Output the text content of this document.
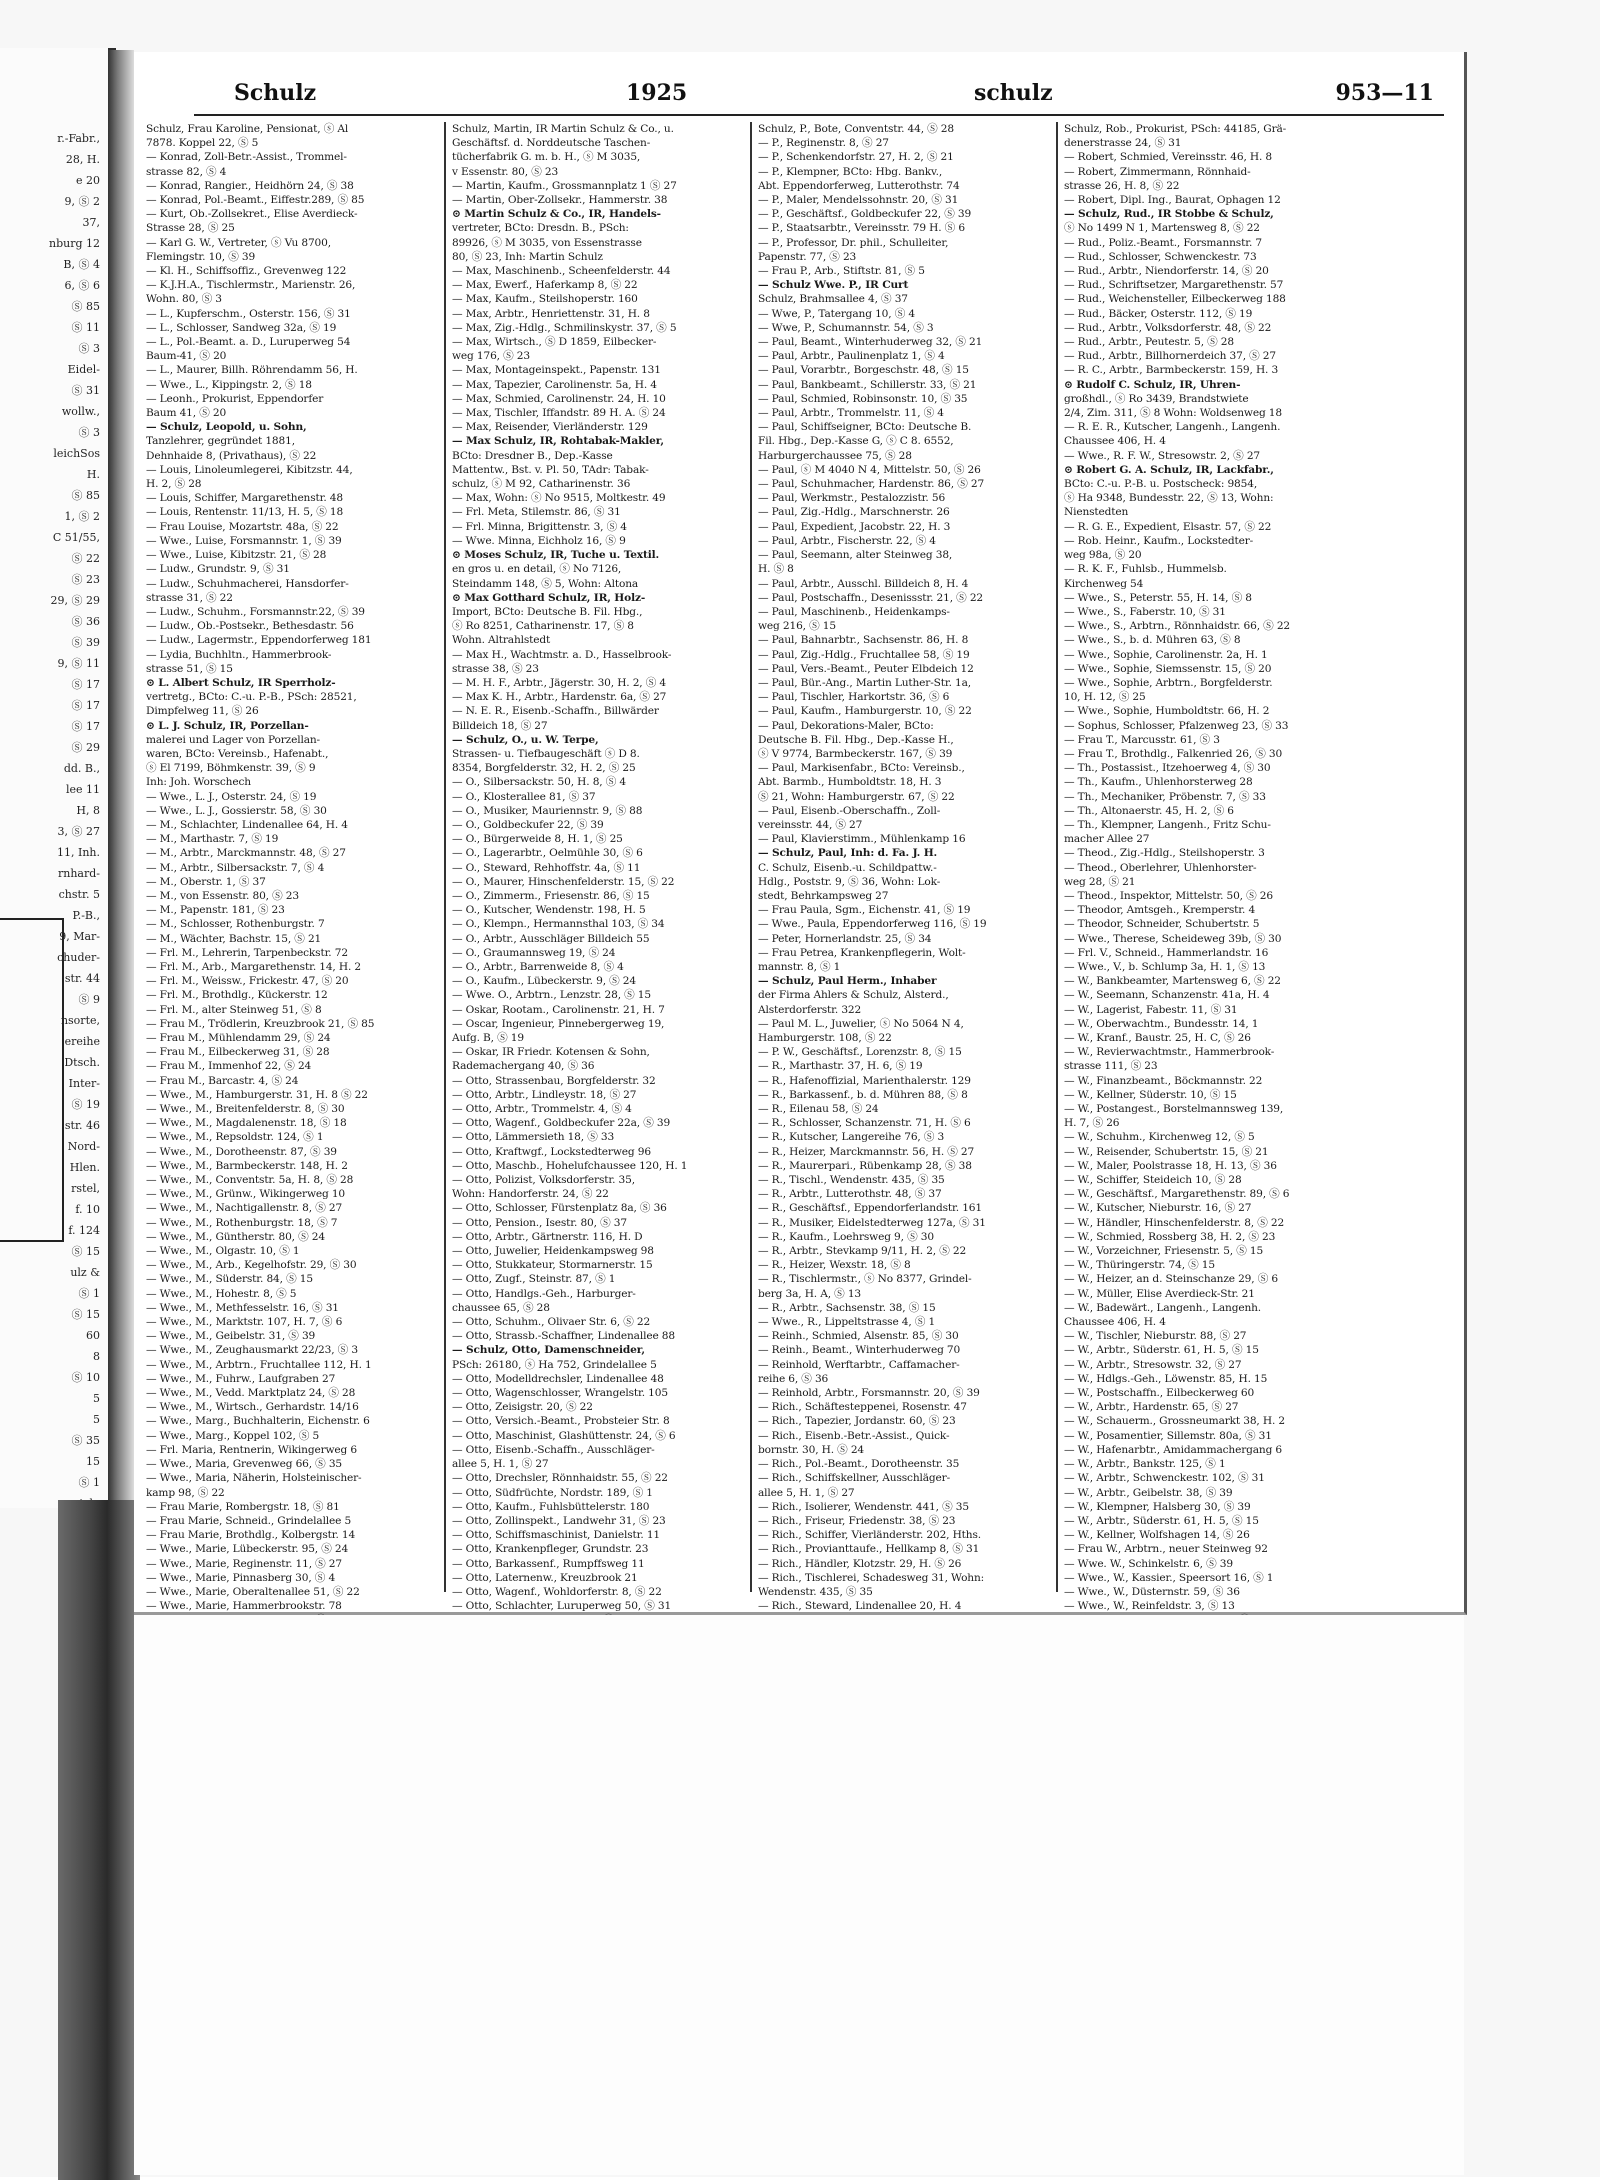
r.-Fabr.,
28, H.
e 20
9, Ⓢ 2
37,
nburg 12
B, Ⓢ 4
6, Ⓢ 6
Ⓢ 85
Ⓢ 11
Ⓢ 3
Eidel-
Ⓢ 31
wollw.,
Ⓢ 3
leichSos
H.
Ⓢ 85
1, Ⓢ 2
C 51/55,
Ⓢ 22
Ⓢ 23
29, Ⓢ 29
Ⓢ 36
Ⓢ 39
9, Ⓢ 11
Ⓢ 17
Ⓢ 17
Ⓢ 17
Ⓢ 29
dd. B.,
lee 11
H, 8
3, Ⓢ 27
11, Inh.
rnhard-
chstr. 5
P.-B.,
9, Mar-
chuder-
str. 44
Ⓢ 9
nsorte,
ereihe
Dtsch.
Inter-
Ⓢ 19
str. 46
Nord-
Hlen.
rstel,
f. 10
f. 124
Ⓢ 15
ulz &
Ⓢ 1
Ⓢ 15
60
8
Ⓢ 10
5
5
Ⓢ 35
15
Ⓢ 1
Schulz	1925	schulz	953—11
Schulz, Frau Karoline, Pensionat, ⓢ Al
7878. Koppel 22, Ⓢ 5
— Konrad, Zoll-Betr.-Assist., Trommel-
strasse 82, Ⓢ 4
— Konrad, Rangier., Heidhörn 24, Ⓢ 38
— Konrad, Pol.-Beamt., Eiffestr.289, Ⓢ 85
— Kurt, Ob.-Zollsekret., Elise Averdieck-
Strasse 28, Ⓢ 25
— Karl G. W., Vertreter, ⓢ Vu 8700,
Flemingstr. 10, Ⓢ 39
— Kl. H., Schiffsoffiz., Grevenweg 122
— K.J.H.A., Tischlermstr., Marienstr. 26,
Wohn. 80, Ⓢ 3
— L., Kupferschm., Osterstr. 156, Ⓢ 31
— L., Schlosser, Sandweg 32a, Ⓢ 19
— L., Pol.-Beamt. a. D., Luruperweg 54
Baum-41, Ⓢ 20
— L., Maurer, Billh. Röhrendamm 56, H.
— Wwe., L., Kippingstr. 2, Ⓢ 18
— Leonh., Prokurist, Eppendorfer
Baum 41, Ⓢ 20
— Schulz, Leopold, u. Sohn,
Tanzlehrer, gegründet 1881,
Dehnhaide 8, (Privathaus), Ⓢ 22
— Louis, Linoleumlegerei, Kibitzstr. 44,
H. 2, Ⓢ 28
— Louis, Schiffer, Margarethenstr. 48
— Louis, Rentenstr. 11/13, H. 5, Ⓢ 18
— Frau Louise, Mozartstr. 48a, Ⓢ 22
— Wwe., Luise, Forsmannstr. 1, Ⓢ 39
— Wwe., Luise, Kibitzstr. 21, Ⓢ 28
— Ludw., Grundstr. 9, Ⓢ 31
— Ludw., Schuhmacherei, Hansdorfer-
strasse 31, Ⓢ 22
— Ludw., Schuhm., Forsmannstr.22, Ⓢ 39
— Ludw., Ob.-Postsekr., Bethesdastr. 56
— Ludw., Lagermstr., Eppendorferweg 181
— Lydia, Buchhltn., Hammerbrook-
strasse 51, Ⓢ 15
⊙ L. Albert Schulz, IR Sperrholz-
vertretg., BCto: C.-u. P.-B., PSch: 28521,
Dimpfelweg 11, Ⓢ 26
⊙ L. J. Schulz, IR, Porzellan-
malerei und Lager von Porzellan-
waren, BCto: Vereinsb., Hafenabt.,
ⓢ El 7199, Böhmkenstr. 39, Ⓢ 9
Inh: Joh. Worschech
— Wwe., L. J., Osterstr. 24, Ⓢ 19
— Wwe., L. J., Gossierstr. 58, Ⓢ 30
— M., Schlachter, Lindenallee 64, H. 4
— M., Marthastr. 7, Ⓢ 19
— M., Arbtr., Marckmannstr. 48, Ⓢ 27
— M., Arbtr., Silbersackstr. 7, Ⓢ 4
— M., Oberstr. 1, Ⓢ 37
— M., von Essenstr. 80, Ⓢ 23
— M., Papenstr. 181, Ⓢ 23
— M., Schlosser, Rothenburgstr. 7
— M., Wächter, Bachstr. 15, Ⓢ 21
— Frl. M., Lehrerin, Tarpenbeckstr. 72
— Frl. M., Arb., Margarethenstr. 14, H. 2
— Frl. M., Weissw., Frickestr. 47, Ⓢ 20
— Frl. M., Brothdlg., Kückerstr. 12
— Frl. M., alter Steinweg 51, Ⓢ 8
— Frau M., Trödlerin, Kreuzbrook 21, Ⓢ 85
— Frau M., Mühlendamm 29, Ⓢ 24
— Frau M., Eilbeckerweg 31, Ⓢ 28
— Frau M., Immenhof 22, Ⓢ 24
— Frau M., Barcastr. 4, Ⓢ 24
— Wwe., M., Hamburgerstr. 31, H. 8 Ⓢ 22
— Wwe., M., Breitenfelderstr. 8, Ⓢ 30
— Wwe., M., Magdalenenstr. 18, Ⓢ 18
— Wwe., M., Repsoldstr. 124, Ⓢ 1
— Wwe., M., Dorotheenstr. 87, Ⓢ 39
— Wwe., M., Barmbeckerstr. 148, H. 2
— Wwe., M., Conventstr. 5a, H. 8, Ⓢ 28
— Wwe., M., Grünw., Wikingerweg 10
— Wwe., M., Nachtigallenstr. 8, Ⓢ 27
— Wwe., M., Rothenburgstr. 18, Ⓢ 7
— Wwe., M., Güntherstr. 80, Ⓢ 24
— Wwe., M., Olgastr. 10, Ⓢ 1
— Wwe., M., Arb., Kegelhofstr. 29, Ⓢ 30
— Wwe., M., Süderstr. 84, Ⓢ 15
— Wwe., M., Hohestr. 8, Ⓢ 5
— Wwe., M., Methfesselstr. 16, Ⓢ 31
— Wwe., M., Marktstr. 107, H. 7, Ⓢ 6
— Wwe., M., Geibelstr. 31, Ⓢ 39
— Wwe., M., Zeughausmarkt 22/23, Ⓢ 3
— Wwe., M., Arbtrn., Fruchtallee 112, H. 1
— Wwe., M., Fuhrw., Laufgraben 27
— Wwe., M., Vedd. Marktplatz 24, Ⓢ 28
— Wwe., M., Wirtsch., Gerhardstr. 14/16
— Wwe., Marg., Buchhalterin, Eichenstr. 6
— Wwe., Marg., Koppel 102, Ⓢ 5
— Frl. Maria, Rentnerin, Wikingerweg 6
— Wwe., Maria, Grevenweg 66, Ⓢ 35
— Wwe., Maria, Näherin, Holsteinischer-
kamp 98, Ⓢ 22
— Frau Marie, Rombergstr. 18, Ⓢ 81
— Frau Marie, Schneid., Grindelallee 5
— Frau Marie, Brothdlg., Kolbergstr. 14
— Wwe., Marie, Lübeckerstr. 95, Ⓢ 24
— Wwe., Marie, Reginenstr. 11, Ⓢ 27
— Wwe., Marie, Pinnasberg 30, Ⓢ 4
— Wwe., Marie, Oberaltenallee 51, Ⓢ 22
— Wwe., Marie, Hammerbrookstr. 78
Schulz, Martin, IR Martin Schulz & Co., u.
Geschäftsf. d. Norddeutsche Taschen-
tücherfabrik G. m. b. H., ⓢ M 3035,
v Essenstr. 80, Ⓢ 23
— Martin, Kaufm., Grossmannplatz 1 Ⓢ 27
— Martin, Ober-Zollsekr., Hammerstr. 38
⊙ Martin Schulz & Co., IR, Handels-
vertreter, BCto: Dresdn. B., PSch:
89926, ⓢ M 3035, von Essenstrasse
80, Ⓢ 23, Inh: Martin Schulz
— Max, Maschinenb., Scheenfelderstr. 44
— Max, Ewerf., Haferkamp 8, Ⓢ 22
— Max, Kaufm., Steilshoperstr. 160
— Max, Arbtr., Henriettenstr. 31, H. 8
— Max, Zig.-Hdlg., Schmilinskystr. 37, Ⓢ 5
— Max, Wirtsch., Ⓢ D 1859, Eilbecker-
weg 176, Ⓢ 23
— Max, Montageinspekt., Papenstr. 131
— Max, Tapezier, Carolinenstr. 5a, H. 4
— Max, Schmied, Carolinenstr. 24, H. 10
— Max, Tischler, Iffandstr. 89 H. A. Ⓢ 24
— Max, Reisender, Vierländerstr. 129
— Max Schulz, IR, Rohtabak-Makler,
BCto: Dresdner B., Dep.-Kasse
Mattentw., Bst. v. Pl. 50, TAdr: Tabak-
schulz, ⓢ M 92, Catharinenstr. 36
— Max, Wohn: ⓢ No 9515, Moltkestr. 49
— Frl. Meta, Stilemstr. 86, Ⓢ 31
— Frl. Minna, Brigittenstr. 3, Ⓢ 4
— Wwe. Minna, Eichholz 16, Ⓢ 9
⊙ Moses Schulz, IR, Tuche u. Textil.
en gros u. en detail, ⓢ No 7126,
Steindamm 148, Ⓢ 5, Wohn: Altona
⊙ Max Gotthard Schulz, IR, Holz-
Import, BCto: Deutsche B. Fil. Hbg.,
ⓢ Ro 8251, Catharinenstr. 17, Ⓢ 8
Wohn. Altrahlstedt
— Max H., Wachtmstr. a. D., Hasselbrook-
strasse 38, Ⓢ 23
— M. H. F., Arbtr., Jägerstr. 30, H. 2, Ⓢ 4
— Max K. H., Arbtr., Hardenstr. 6a, Ⓢ 27
— N. E. R., Eisenb.-Schaffn., Billwärder
Billdeich 18, Ⓢ 27
— Schulz, O., u. W. Terpe,
Strassen- u. Tiefbaugeschäft ⓢ D 8.
8354, Borgfelderstr. 32, H. 2, Ⓢ 25
— O., Silbersackstr. 50, H. 8, Ⓢ 4
— O., Klosterallee 81, Ⓢ 37
— O., Musiker, Mauriennstr. 9, Ⓢ 88
— O., Goldbeckufer 22, Ⓢ 39
— O., Bürgerweide 8, H. 1, Ⓢ 25
— O., Lagerarbtr., Oelmühle 30, Ⓢ 6
— O., Steward, Rehhoffstr. 4a, Ⓢ 11
— O., Maurer, Hinschenfelderstr. 15, Ⓢ 22
— O., Zimmerm., Friesenstr. 86, Ⓢ 15
— O., Kutscher, Wendenstr. 198, H. 5
— O., Klempn., Hermannsthal 103, Ⓢ 34
— O., Arbtr., Ausschläger Billdeich 55
— O., Graumannsweg 19, Ⓢ 24
— O., Arbtr., Barrenweide 8, Ⓢ 4
— O., Kaufm., Lübeckerstr. 9, Ⓢ 24
— Wwe. O., Arbtrn., Lenzstr. 28, Ⓢ 15
— Oskar, Rootam., Carolinenstr. 21, H. 7
— Oscar, Ingenieur, Pinnebergerweg 19,
Aufg. B, Ⓢ 19
— Oskar, IR Friedr. Kotensen & Sohn,
Rademachergang 40, Ⓢ 36
— Otto, Strassenbau, Borgfelderstr. 32
— Otto, Arbtr., Lindleystr. 18, Ⓢ 27
— Otto, Arbtr., Trommelstr. 4, Ⓢ 4
— Otto, Wagenf., Goldbeckufer 22a, Ⓢ 39
— Otto, Lämmersieth 18, Ⓢ 33
— Otto, Kraftwgf., Lockstedterweg 96
— Otto, Maschb., Hohelufchaussee 120, H. 1
— Otto, Polizist, Volksdorferstr. 35,
Wohn: Handorferstr. 24, Ⓢ 22
— Otto, Schlosser, Fürstenplatz 8a, Ⓢ 36
— Otto, Pension., Isestr. 80, Ⓢ 37
— Otto, Arbtr., Gärtnerstr. 116, H. D
— Otto, Juwelier, Heidenkampsweg 98
— Otto, Stukkateur, Stormarnerstr. 15
— Otto, Zugf., Steinstr. 87, Ⓢ 1
— Otto, Handlgs.-Geh., Harburger-
chaussee 65, Ⓢ 28
— Otto, Schuhm., Olivaer Str. 6, Ⓢ 22
— Otto, Strassb.-Schaffner, Lindenallee 88
— Schulz, Otto, Damenschneider,
PSch: 26180, ⓢ Ha 752, Grindelallee 5
— Otto, Modelldrechsler, Lindenallee 48
— Otto, Wagenschlosser, Wrangelstr. 105
— Otto, Zeisigstr. 20, Ⓢ 22
— Otto, Versich.-Beamt., Probsteier Str. 8
— Otto, Maschinist, Glashüttenstr. 24, Ⓢ 6
— Otto, Eisenb.-Schaffn., Ausschläger-
allee 5, H. 1, Ⓢ 27
— Otto, Drechsler, Rönnhaidstr. 55, Ⓢ 22
— Otto, Südfrüchte, Nordstr. 189, Ⓢ 1
— Otto, Kaufm., Fuhlsbüttelerstr. 180
— Otto, Zollinspekt., Landwehr 31, Ⓢ 23
— Otto, Schiffsmaschinist, Danielstr. 11
— Otto, Krankenpfleger, Grundstr. 23
— Otto, Barkassenf., Rumpffsweg 11
— Otto, Laternenw., Kreuzbrook 21
— Otto, Wagenf., Wohldorferstr. 8, Ⓢ 22
— Otto, Schlachter, Luruperweg 50, Ⓢ 31
Schulz, P., Bote, Conventstr. 44, Ⓢ 28
— P., Reginenstr. 8, Ⓢ 27
— P., Schenkendorfstr. 27, H. 2, Ⓢ 21
— P., Klempner, BCto: Hbg. Bankv.,
Abt. Eppendorferweg, Lutterothstr. 74
— P., Maler, Mendelssohnstr. 20, Ⓢ 31
— P., Geschäftsf., Goldbeckufer 22, Ⓢ 39
— P., Staatsarbtr., Vereinsstr. 79 H. Ⓢ 6
— P., Professor, Dr. phil., Schulleiter,
Papenstr. 77, Ⓢ 23
— Frau P., Arb., Stiftstr. 81, Ⓢ 5
— Schulz Wwe. P., IR Curt
Schulz, Brahmsallee 4, Ⓢ 37
— Wwe, P., Tatergang 10, Ⓢ 4
— Wwe, P., Schumannstr. 54, Ⓢ 3
— Paul, Beamt., Winterhuderweg 32, Ⓢ 21
— Paul, Arbtr., Paulinenplatz 1, Ⓢ 4
— Paul, Vorarbtr., Borgeschstr. 48, Ⓢ 15
— Paul, Bankbeamt., Schillerstr. 33, Ⓢ 21
— Paul, Schmied, Robinsonstr. 10, Ⓢ 35
— Paul, Arbtr., Trommelstr. 11, Ⓢ 4
— Paul, Schiffseigner, BCto: Deutsche B.
Fil. Hbg., Dep.-Kasse G, ⓢ C 8. 6552,
Harburgerchaussee 75, Ⓢ 28
— Paul, ⓢ M 4040 N 4, Mittelstr. 50, Ⓢ 26
— Paul, Schuhmacher, Hardenstr. 86, Ⓢ 27
— Paul, Werkmstr., Pestalozzistr. 56
— Paul, Zig.-Hdlg., Marschnerstr. 26
— Paul, Expedient, Jacobstr. 22, H. 3
— Paul, Arbtr., Fischerstr. 22, Ⓢ 4
— Paul, Seemann, alter Steinweg 38,
H. Ⓢ 8
— Paul, Arbtr., Ausschl. Billdeich 8, H. 4
— Paul, Postschaffn., Desenissstr. 21, Ⓢ 22
— Paul, Maschinenb., Heidenkamps-
weg 216, Ⓢ 15
— Paul, Bahnarbtr., Sachsenstr. 86, H. 8
— Paul, Zig.-Hdlg., Fruchtallee 58, Ⓢ 19
— Paul, Vers.-Beamt., Peuter Elbdeich 12
— Paul, Bür.-Ang., Martin Luther-Str. 1a,
— Paul, Tischler, Harkortstr. 36, Ⓢ 6
— Paul, Kaufm., Hamburgerstr. 10, Ⓢ 22
— Paul, Dekorations-Maler, BCto:
Deutsche B. Fil. Hbg., Dep.-Kasse H.,
ⓢ V 9774, Barmbeckerstr. 167, Ⓢ 39
— Paul, Markisenfabr., BCto: Vereinsb.,
Abt. Barmb., Humboldtstr. 18, H. 3
Ⓢ 21, Wohn: Hamburgerstr. 67, Ⓢ 22
— Paul, Eisenb.-Oberschaffn., Zoll-
vereinsstr. 44, Ⓢ 27
— Paul, Klavierstimm., Mühlenkamp 16
— Schulz, Paul, Inh: d. Fa. J. H.
C. Schulz, Eisenb.-u. Schildpattw.-
Hdlg., Poststr. 9, Ⓢ 36, Wohn: Lok-
stedt, Behrkampsweg 27
— Frau Paula, Sgm., Eichenstr. 41, Ⓢ 19
— Wwe., Paula, Eppendorferweg 116, Ⓢ 19
— Peter, Hornerlandstr. 25, Ⓢ 34
— Frau Petrea, Krankenpflegerin, Wolt-
mannstr. 8, Ⓢ 1
— Schulz, Paul Herm., Inhaber
der Firma Ahlers & Schulz, Alsterd.,
Alsterdorferstr. 322
— Paul M. L., Juwelier, ⓢ No 5064 N 4,
Hamburgerstr. 108, Ⓢ 22
— P. W., Geschäftsf., Lorenzstr. 8, Ⓢ 15
— R., Marthastr. 37, H. 6, Ⓢ 19
— R., Hafenoffizial, Marienthalerstr. 129
— R., Barkassenf., b. d. Mühren 88, Ⓢ 8
— R., Eilenau 58, Ⓢ 24
— R., Schlosser, Schanzenstr. 71, H. Ⓢ 6
— R., Kutscher, Langereihe 76, Ⓢ 3
— R., Heizer, Marckmannstr. 56, H. Ⓢ 27
— R., Maurerpari., Rübenkamp 28, Ⓢ 38
— R., Tischl., Wendenstr. 435, Ⓢ 35
— R., Arbtr., Lutterothstr. 48, Ⓢ 37
— R., Geschäftsf., Eppendorferlandstr. 161
— R., Musiker, Eidelstedterweg 127a, Ⓢ 31
— R., Kaufm., Loehrsweg 9, Ⓢ 30
— R., Arbtr., Stevkamp 9/11, H. 2, Ⓢ 22
— R., Heizer, Wexstr. 18, Ⓢ 8
— R., Tischlermstr., ⓢ No 8377, Grindel-
berg 3a, H. A, Ⓢ 13
— R., Arbtr., Sachsenstr. 38, Ⓢ 15
— Wwe., R., Lippeltstrasse 4, Ⓢ 1
— Reinh., Schmied, Alsenstr. 85, Ⓢ 30
— Reinh., Beamt., Winterhuderweg 70
— Reinhold, Werftarbtr., Caffamacher-
reihe 6, Ⓢ 36
— Reinhold, Arbtr., Forsmannstr. 20, Ⓢ 39
— Rich., Schäftesteppenei, Rosenstr. 47
— Rich., Tapezier, Jordanstr. 60, Ⓢ 23
— Rich., Eisenb.-Betr.-Assist., Quick-
bornstr. 30, H. Ⓢ 24
— Rich., Pol.-Beamt., Dorotheenstr. 35
— Rich., Schiffskellner, Ausschläger-
allee 5, H. 1, Ⓢ 27
— Rich., Isolierer, Wendenstr. 441, Ⓢ 35
— Rich., Friseur, Friedenstr. 38, Ⓢ 23
— Rich., Schiffer, Vierländerstr. 202, Hths.
— Rich., Provianttaufe., Hellkamp 8, Ⓢ 31
— Rich., Händler, Klotzstr. 29, H. Ⓢ 26
— Rich., Tischlerei, Schadesweg 31, Wohn:
Wendenstr. 435, Ⓢ 35
— Rich., Steward, Lindenallee 20, H. 4
Schulz, Rob., Prokurist, PSch: 44185, Grä-
denerstrasse 24, Ⓢ 31
— Robert, Schmied, Vereinsstr. 46, H. 8
— Robert, Zimmermann, Rönnhaid-
strasse 26, H. 8, Ⓢ 22
— Robert, Dipl. Ing., Baurat, Ophagen 12
— Schulz, Rud., IR Stobbe & Schulz,
ⓢ No 1499 N 1, Martensweg 8, Ⓢ 22
— Rud., Poliz.-Beamt., Forsmannstr. 7
— Rud., Schlosser, Schwenckestr. 73
— Rud., Arbtr., Niendorferstr. 14, Ⓢ 20
— Rud., Schriftsetzer, Margarethenstr. 57
— Rud., Weichensteller, Eilbeckerweg 188
— Rud., Bäcker, Osterstr. 112, Ⓢ 19
— Rud., Arbtr., Volksdorferstr. 48, Ⓢ 22
— Rud., Arbtr., Peutestr. 5, Ⓢ 28
— Rud., Arbtr., Billhornerdeich 37, Ⓢ 27
— R. C., Arbtr., Barmbeckerstr. 159, H. 3
⊙ Rudolf C. Schulz, IR, Uhren-
großhdl., ⓢ Ro 3439, Brandstwiete
2/4, Zim. 311, Ⓢ 8 Wohn: Woldsenweg 18
— R. E. R., Kutscher, Langenh., Langenh.
Chaussee 406, H. 4
— Wwe., R. F. W., Stresowstr. 2, Ⓢ 27
⊙ Robert G. A. Schulz, IR, Lackfabr.,
BCto: C.-u. P.-B. u. Postscheck: 9854,
ⓢ Ha 9348, Bundesstr. 22, Ⓢ 13, Wohn:
Nienstedten
— R. G. E., Expedient, Elsastr. 57, Ⓢ 22
— Rob. Heinr., Kaufm., Lockstedter-
weg 98a, Ⓢ 20
— R. K. F., Fuhlsb., Hummelsb.
Kirchenweg 54
— Wwe., S., Peterstr. 55, H. 14, Ⓢ 8
— Wwe., S., Faberstr. 10, Ⓢ 31
— Wwe., S., Arbtrn., Rönnhaidstr. 66, Ⓢ 22
— Wwe., S., b. d. Mühren 63, Ⓢ 8
— Wwe., Sophie, Carolinenstr. 2a, H. 1
— Wwe., Sophie, Siemssenstr. 15, Ⓢ 20
— Wwe., Sophie, Arbtrn., Borgfelderstr.
10, H. 12, Ⓢ 25
— Wwe., Sophie, Humboldtstr. 66, H. 2
— Sophus, Schlosser, Pfalzenweg 23, Ⓢ 33
— Frau T., Marcusstr. 61, Ⓢ 3
— Frau T., Brothdlg., Falkenried 26, Ⓢ 30
— Th., Postassist., Itzehoerweg 4, Ⓢ 30
— Th., Kaufm., Uhlenhorsterweg 28
— Th., Mechaniker, Pröbenstr. 7, Ⓢ 33
— Th., Altonaerstr. 45, H. 2, Ⓢ 6
— Th., Klempner, Langenh., Fritz Schu-
macher Allee 27
— Theod., Zig.-Hdlg., Steilshoperstr. 3
— Theod., Oberlehrer, Uhlenhorster-
weg 28, Ⓢ 21
— Theod., Inspektor, Mittelstr. 50, Ⓢ 26
— Theodor, Amtsgeh., Kremperstr. 4
— Theodor, Schneider, Schubertstr. 5
— Wwe., Therese, Scheideweg 39b, Ⓢ 30
— Frl. V., Schneid., Hammerlandstr. 16
— Wwe., V., b. Schlump 3a, H. 1, Ⓢ 13
— W., Bankbeamter, Martensweg 6, Ⓢ 22
— W., Seemann, Schanzenstr. 41a, H. 4
— W., Lagerist, Fabestr. 11, Ⓢ 31
— W., Oberwachtm., Bundesstr. 14, 1
— W., Kranf., Baustr. 25, H. C, Ⓢ 26
— W., Revierwachtmstr., Hammerbrook-
strasse 111, Ⓢ 23
— W., Finanzbeamt., Böckmannstr. 22
— W., Kellner, Süderstr. 10, Ⓢ 15
— W., Postangest., Borstelmannsweg 139,
H. 7, Ⓢ 26
— W., Schuhm., Kirchenweg 12, Ⓢ 5
— W., Reisender, Schubertstr. 15, Ⓢ 21
— W., Maler, Poolstrasse 18, H. 13, Ⓢ 36
— W., Schiffer, Steideich 10, Ⓢ 28
— W., Geschäftsf., Margarethenstr. 89, Ⓢ 6
— W., Kutscher, Nieburstr. 16, Ⓢ 27
— W., Händler, Hinschenfelderstr. 8, Ⓢ 22
— W., Schmied, Rossberg 38, H. 2, Ⓢ 23
— W., Vorzeichner, Friesenstr. 5, Ⓢ 15
— W., Thüringerstr. 74, Ⓢ 15
— W., Heizer, an d. Steinschanze 29, Ⓢ 6
— W., Müller, Elise Averdieck-Str. 21
— W., Badewärt., Langenh., Langenh.
Chaussee 406, H. 4
— W., Tischler, Nieburstr. 88, Ⓢ 27
— W., Arbtr., Süderstr. 61, H. 5, Ⓢ 15
— W., Arbtr., Stresowstr. 32, Ⓢ 27
— W., Hdlgs.-Geh., Löwenstr. 85, H. 15
— W., Postschaffn., Eilbeckerweg 60
— W., Arbtr., Hardenstr. 65, Ⓢ 27
— W., Schauerm., Grossneumarkt 38, H. 2
— W., Posamentier, Sillemstr. 80a, Ⓢ 31
— W., Hafenarbtr., Amidammachergang 6
— W., Arbtr., Bankstr. 125, Ⓢ 1
— W., Arbtr., Schwenckestr. 102, Ⓢ 31
— W., Arbtr., Geibelstr. 38, Ⓢ 39
— W., Klempner, Halsberg 30, Ⓢ 39
— W., Arbtr., Süderstr. 61, H. 5, Ⓢ 15
— W., Kellner, Wolfshagen 14, Ⓢ 26
— Frau W., Arbtrn., neuer Steinweg 92
— Wwe. W., Schinkelstr. 6, Ⓢ 39
— Wwe., W., Kassier., Speersort 16, Ⓢ 1
— Wwe., W., Düsternstr. 59, Ⓢ 36
— Wwe., W., Reinfeldstr. 3, Ⓢ 13
